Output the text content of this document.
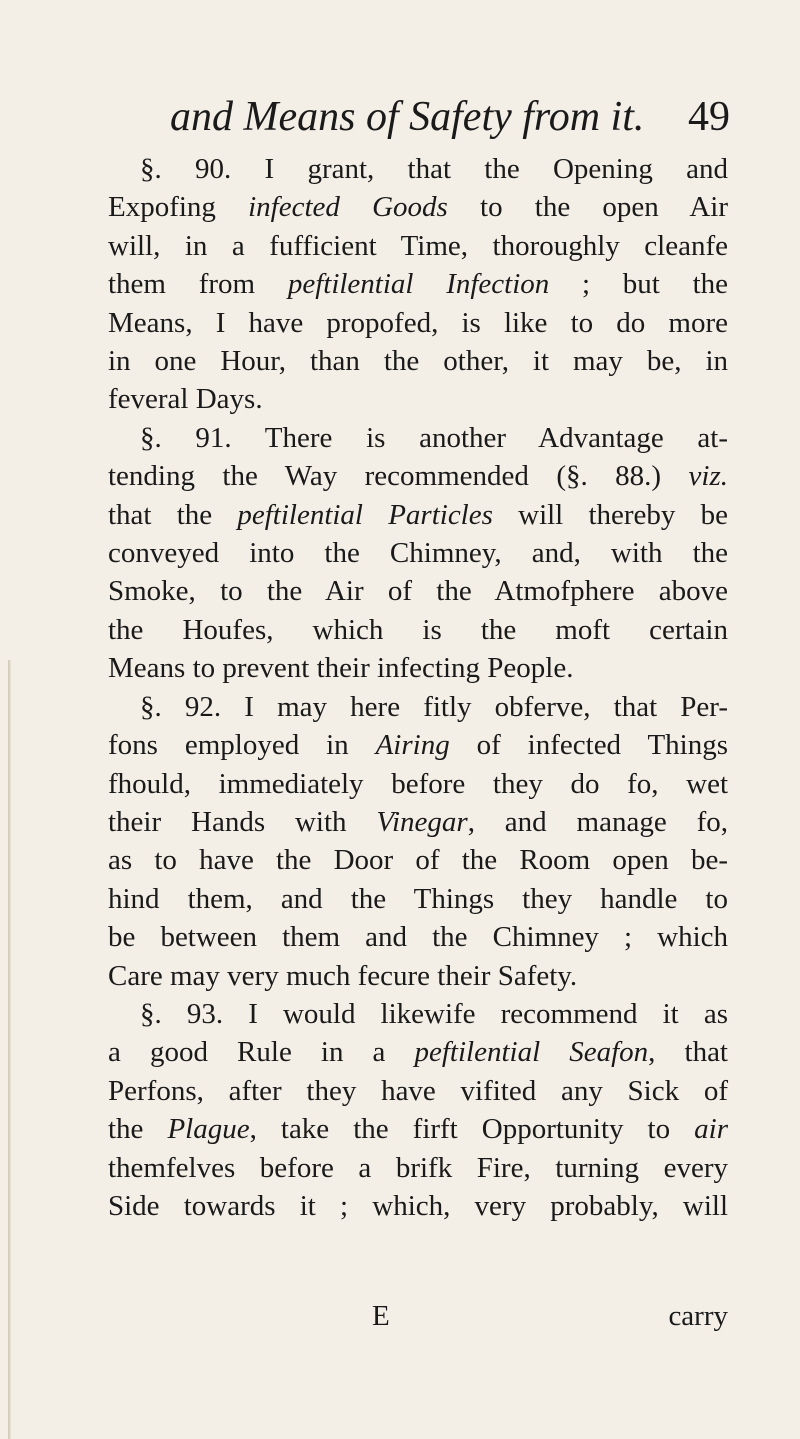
and Means of Safety from it. 49
§. 90. I grant, that the Opening and
Expofing infected Goods to the open Air
will, in a fufficient Time, thoroughly cleanfe
them from peftilential Infection ; but the
Means, I have propofed, is like to do more
in one Hour, than the other, it may be, in
feveral Days.
§. 91. There is another Advantage at-
tending the Way recommended (§. 88.) viz.
that the peftilential Particles will thereby be
conveyed into the Chimney, and, with the
Smoke, to the Air of the Atmofphere above
the Houfes, which is the moft certain
Means to prevent their infecting People.
§. 92. I may here fitly obferve, that Per-
fons employed in Airing of infected Things
fhould, immediately before they do fo, wet
their Hands with Vinegar, and manage fo,
as to have the Door of the Room open be-
hind them, and the Things they handle to
be between them and the Chimney ; which
Care may very much fecure their Safety.
§. 93. I would likewife recommend it as
a good Rule in a peftilential Seafon, that
Perfons, after they have vifited any Sick of
the Plague, take the firft Opportunity to air
themfelves before a brifk Fire, turning every
Side towards it ; which, very probably, will
E	carry
